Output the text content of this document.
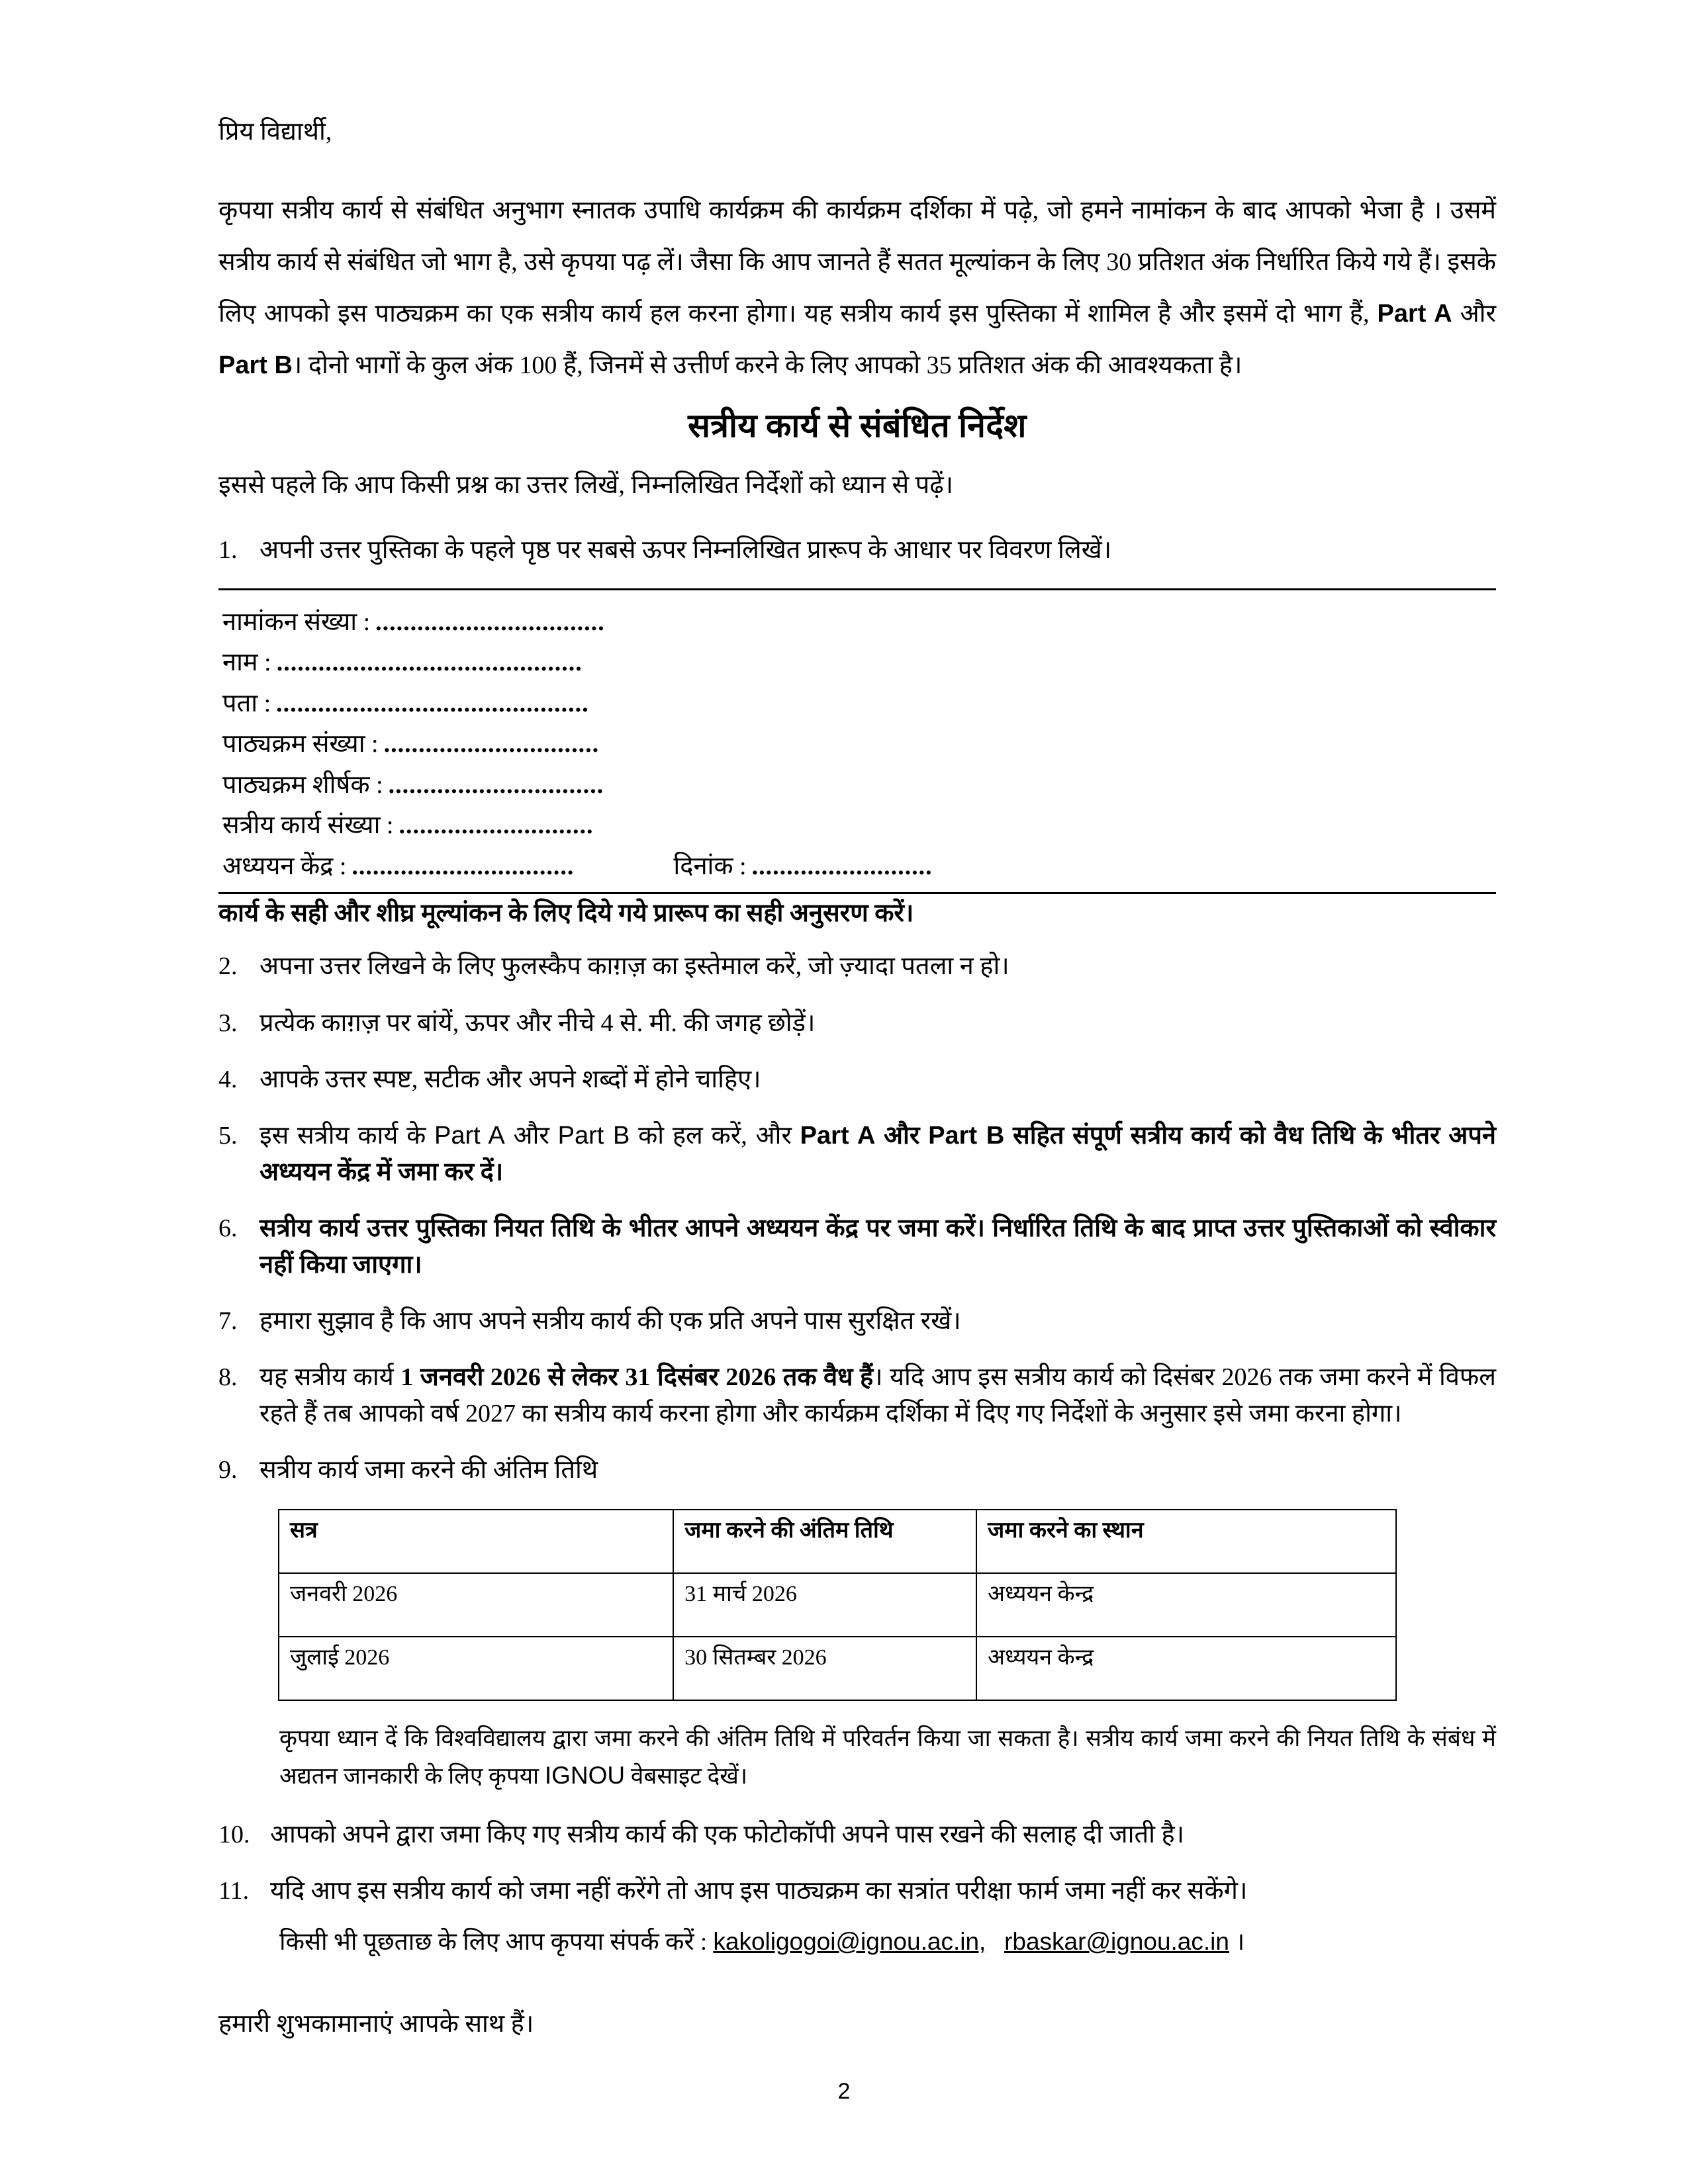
प्रिय विद्यार्थी,

कृपया सत्रीय कार्य से संबंधित अनुभाग स्नातक उपाधि कार्यक्रम की कार्यक्रम दर्शिका में पढ़े, जो हमने नामांकन के बाद आपको भेजा है । उसमें सत्रीय कार्य से संबंधित जो भाग है, उसे कृपया पढ़ लें। जैसा कि आप जानते हैं सतत मूल्यांकन के लिए 30 प्रतिशत अंक निर्धारित किये गये हैं। इसके लिए आपको इस पाठ्यक्रम का एक सत्रीय कार्य हल करना होगा। यह सत्रीय कार्य इस पुस्तिका में शामिल है और इसमें दो भाग हैं, Part A और Part B। दोनो भागों के कुल अंक 100 हैं, जिनमें से उत्तीर्ण करने के लिए आपको 35 प्रतिशत अंक की आवश्यकता है।

सत्रीय कार्य से संबंधित निर्देश

इससे पहले कि आप किसी प्रश्न का उत्तर लिखें, निम्नलिखित निर्देशों को ध्यान से पढ़ें।

1. अपनी उत्तर पुस्तिका के पहले पृष्ठ पर सबसे ऊपर निम्नलिखित प्रारूप के आधार पर विवरण लिखें।
नामांकन संख्या : .................................
नाम : ............................................
पता : .............................................
पाठ्यक्रम संख्या : ...............................
पाठ्यक्रम शीर्षक : ...............................
सत्रीय कार्य संख्या : ............................
अध्ययन केंद्र : ................................	दिनांक : ..........................

कार्य के सही और शीघ्र मूल्यांकन के लिए दिये गये प्रारूप का सही अनुसरण करें।

2. अपना उत्तर लिखने के लिए फुलस्कैप काग़ज़ का इस्तेमाल करें, जो ज़्यादा पतला न हो।
3. प्रत्येक काग़ज़ पर बांयें, ऊपर और नीचे 4 से. मी. की जगह छोड़ें।
4. आपके उत्तर स्पष्ट, सटीक और अपने शब्दों में होने चाहिए।
5. इस सत्रीय कार्य के Part A और Part B को हल करें, और Part A और Part B सहित संपूर्ण सत्रीय कार्य को वैध तिथि के भीतर अपने अध्ययन केंद्र में जमा कर दें।
6. सत्रीय कार्य उत्तर पुस्तिका नियत तिथि के भीतर आपने अध्ययन केंद्र पर जमा करें। निर्धारित तिथि के बाद प्राप्त उत्तर पुस्तिकाओं को स्वीकार नहीं किया जाएगा।
7. हमारा सुझाव है कि आप अपने सत्रीय कार्य की एक प्रति अपने पास सुरक्षित रखें।
8. यह सत्रीय कार्य 1 जनवरी 2026 से लेकर 31 दिसंबर 2026 तक वैध हैं। यदि आप इस सत्रीय कार्य को दिसंबर 2026 तक जमा करने में विफल रहते हैं तब आपको वर्ष 2027 का सत्रीय कार्य करना होगा और कार्यक्रम दर्शिका में दिए गए निर्देशों के अनुसार इसे जमा करना होगा।
9. सत्रीय कार्य जमा करने की अंतिम तिथि
सत्र	जमा करने की अंतिम तिथि	जमा करने का स्थान
जनवरी 2026	31 मार्च 2026	अध्ययन केन्द्र
जुलाई 2026	30 सितम्बर 2026	अध्ययन केन्द्र

कृपया ध्यान दें कि विश्वविद्यालय द्वारा जमा करने की अंतिम तिथि में परिवर्तन किया जा सकता है। सत्रीय कार्य जमा करने की नियत तिथि के संबंध में अद्यतन जानकारी के लिए कृपया IGNOU वेबसाइट देखें।

10. आपको अपने द्वारा जमा किए गए सत्रीय कार्य की एक फोटोकॉपी अपने पास रखने की सलाह दी जाती है।
11. यदि आप इस सत्रीय कार्य को जमा नहीं करेंगे तो आप इस पाठ्यक्रम का सत्रांत परीक्षा फार्म जमा नहीं कर सकेंगे।

किसी भी पूछताछ के लिए आप कृपया संपर्क करें : kakoligogoi@ignou.ac.in, rbaskar@ignou.ac.in ।

हमारी शुभकामानाएं आपके साथ हैं।

2
